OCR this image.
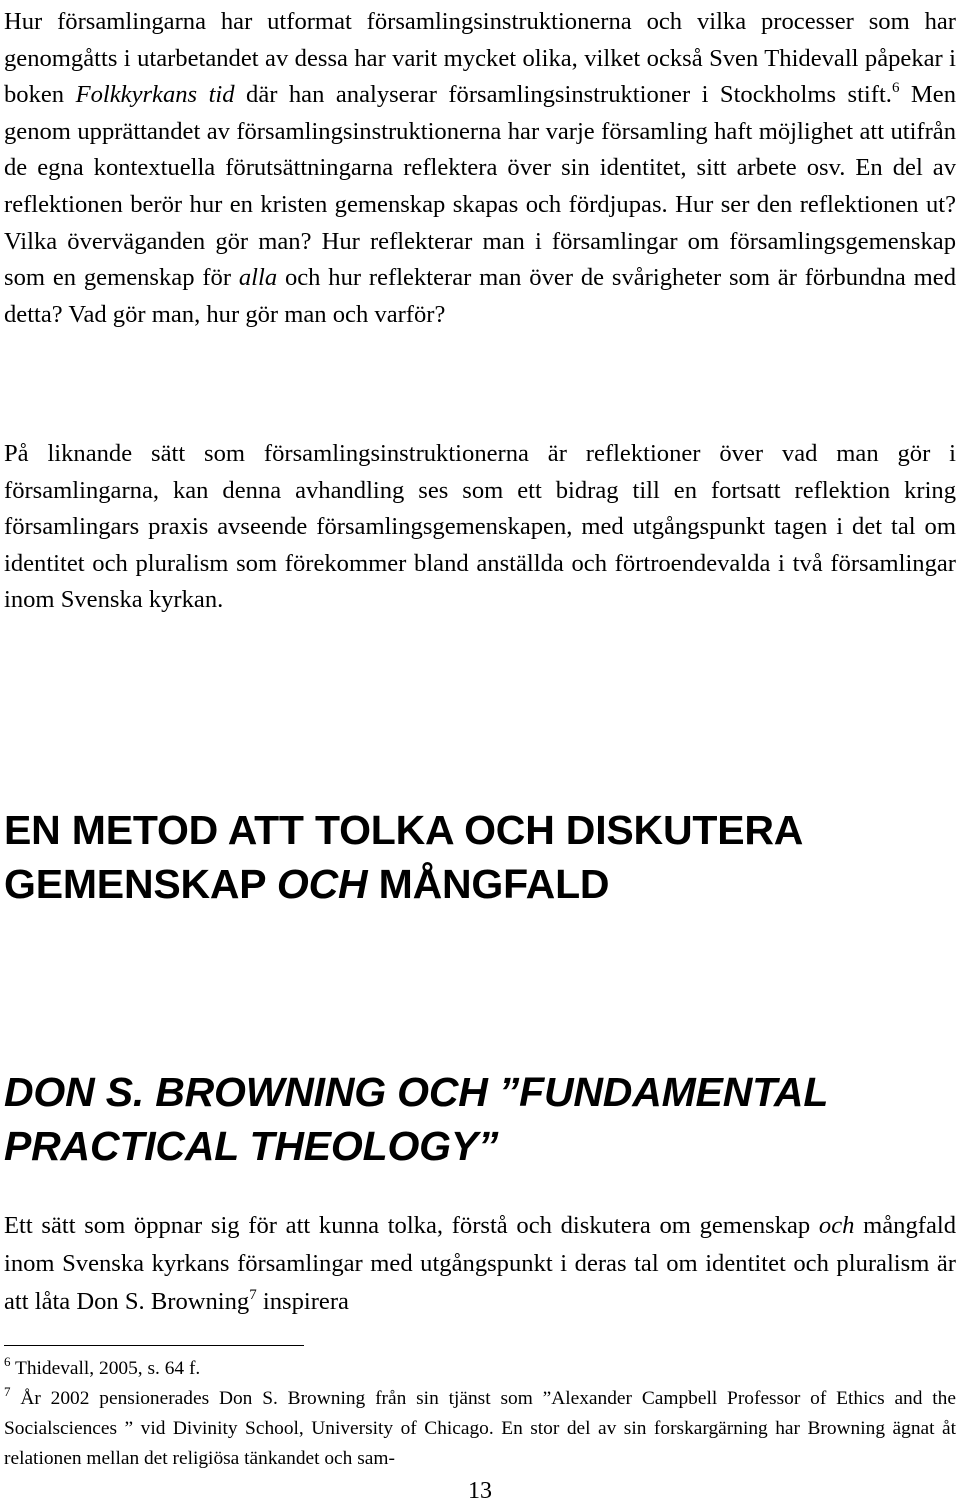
Hur församlingarna har utformat församlingsinstruktionerna och vilka processer som har genomgåtts i utarbetandet av dessa har varit mycket olika, vilket också Sven Thidevall påpekar i boken Folkkyrkans tid där han analyserar församlingsinstruktioner i Stockholms stift.$^6$ Men genom upprättandet av församlingsinstruktionerna har varje församling haft möjlighet att utifrån de egna kontextuella förutsättningarna reflektera över sin identitet, sitt arbete osv. En del av reflektionen berör hur en kristen gemenskap skapas och fördjupas. Hur ser den reflektionen ut? Vilka överväganden gör man? Hur reflekterar man i församlingar om församlingsgemenskap som en gemenskap för alla och hur reflekterar man över de svårigheter som är förbundna med detta? Vad gör man, hur gör man och varför?

På liknande sätt som församlingsinstruktionerna är reflektioner över vad man gör i församlingarna, kan denna avhandling ses som ett bidrag till en fortsatt reflektion kring församlingars praxis avseende församlingsgemenskapen, med utgångspunkt tagen i det tal om identitet och pluralism som förekommer bland anställda och förtroendevalda i två församlingar inom Svenska kyrkan.

EN METOD ATT TOLKA OCH DISKUTERA
GEMENSKAP OCH MÅNGFALD
DON S. BROWNING OCH ”FUNDAMENTAL
PRACTICAL THEOLOGY”

Ett sätt som öppnar sig för att kunna tolka, förstå och diskutera om gemenskap och mångfald inom Svenska kyrkans församlingar med utgångspunkt i deras tal om identitet och pluralism är att låta Don S. Browning$^7$ inspirera

$^6$ Thidevall, 2005, s. 64 f.

$^7$ År 2002 pensionerades Don S. Browning från sin tjänst som ”Alexander Campbell Professor of Ethics and the Socialsciences ” vid Divinity School, University of Chicago. En stor del av sin forskargärning har Browning ägnat åt relationen mellan det religiösa tänkandet och sam-

13
